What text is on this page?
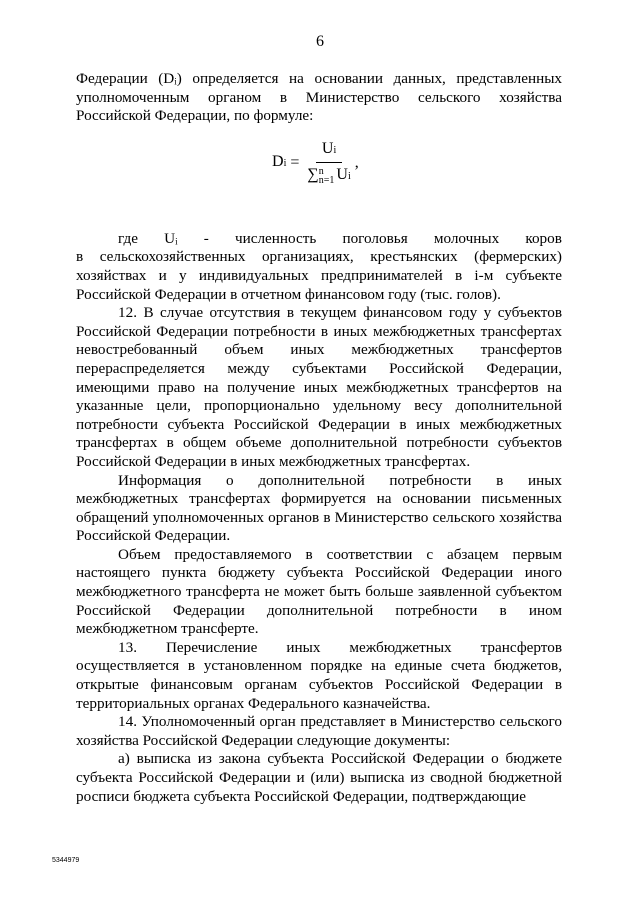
6

Федерации (Dᵢ) определяется на основании данных, представленных уполномоченным органом в Министерство сельского хозяйства Российской Федерации, по формуле:

Di = Ui
∑ n
n=1 Ui ,
где Uᵢ - численность поголовья молочных коров

в сельскохозяйственных организациях, крестьянских (фермерских) хозяйствах и у индивидуальных предпринимателей в i-м субъекте Российской Федерации в отчетном финансовом году (тыс. голов).

12. В случае отсутствия в текущем финансовом году у субъектов Российской Федерации потребности в иных межбюджетных трансфертах невостребованный объем иных межбюджетных трансфертов перераспределяется между субъектами Российской Федерации, имеющими право на получение иных межбюджетных трансфертов на указанные цели, пропорционально удельному весу дополнительной потребности субъекта Российской Федерации в иных межбюджетных трансфертах в общем объеме дополнительной потребности субъектов Российской Федерации в иных межбюджетных трансфертах.

Информация о дополнительной потребности в иных межбюджетных трансфертах формируется на основании письменных обращений уполномоченных органов в Министерство сельского хозяйства Российской Федерации.

Объем предоставляемого в соответствии с абзацем первым настоящего пункта бюджету субъекта Российской Федерации иного межбюджетного трансферта не может быть больше заявленной субъектом Российской Федерации дополнительной потребности в ином межбюджетном трансферте.

13. Перечисление иных межбюджетных трансфертов осуществляется в установленном порядке на единые счета бюджетов, открытые финансовым органам субъектов Российской Федерации в территориальных органах Федерального казначейства.

14. Уполномоченный орган представляет в Министерство сельского хозяйства Российской Федерации следующие документы:

а) выписка из закона субъекта Российской Федерации о бюджете субъекта Российской Федерации и (или) выписка из сводной бюджетной росписи бюджета субъекта Российской Федерации, подтверждающие

5344979
